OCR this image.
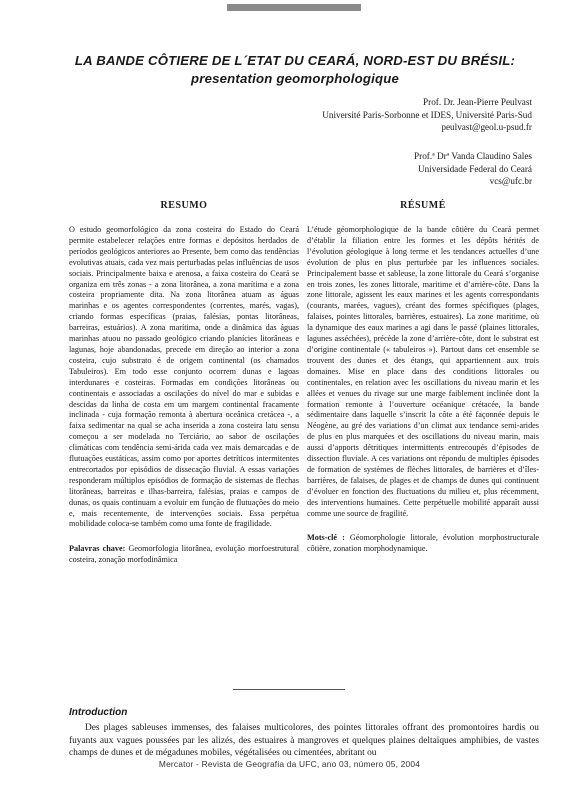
LA BANDE CÔTIERE DE L´ETAT DU CEARÁ, NORD-EST DU BRÉSIL:
presentation geomorphologique
Prof. Dr. Jean-Pierre Peulvast
Université Paris-Sorbonne et IDES, Université Paris-Sud
peulvast@geol.u-psud.fr
Prof.ª Drª Vanda Claudino Sales
Universidade Federal do Ceará
vcs@ufc.br
RESUMO

O estudo geomorfológico da zona costeira do Estado do Ceará permite estabelecer relações entre formas e depósitos herdados de períodos geológicos anteriores ao Presente, bem como das tendências evolutivas atuais, cada vez mais perturbadas pelas influências de usos sociais. Principalmente baixa e arenosa, a faixa costeira do Ceará se organiza em três zonas - a zona litorânea, a zona marítima e a zona costeira propriamente dita. Na zona litorânea atuam as águas marinhas e os agentes correspondentes (correntes, marés, vagas), criando formas específicas (praias, falésias, pontas litorâneas, barreiras, estuários). A zona marítima, onde a dinâmica das águas marinhas atuou no passado geológico criando planícies litorâneas e lagunas, hoje abandonadas, precede em direção ao interior a zona costeira, cujo substrato é de origem continental (os chamados Tabuleiros). Em todo esse conjunto ocorrem dunas e lagoas interdunares e costeiras. Formadas em condições litorâneas ou continentais e associadas a oscilações do nível do mar e subidas e descidas da linha de costa em um margem continental fracamente inclinada - cuja formação remonta à abertura oceânica cretácea -, a faixa sedimentar na qual se acha inserida a zona costeira latu sensu começou a ser modelada no Terciário, ao sabor de oscilações climáticas com tendência semi-árida cada vez mais demarcadas e de flutuações eustáticas, assim como por aportes detríticos intermitentes entrecortados por episódios de dissecação fluvial. A essas variações responderam múltiplos episódios de formação de sistemas de flechas litorâneas, barreiras e ilhas-barreira, falésias, praias e campos de dunas, os quais continuam a evoluir em função de flutuações do meio e, mais recentemente, de intervenções sociais. Essa perpétua mobilidade coloca-se também como uma fonte de fragilidade.

Palavras chave: Geomorfologia litorânea, evolução morfoestrutural costeira, zonação morfodinâmica

RÉSUMÉ

L’étude géomorphologique de la bande côtière du Ceará permet d’établir la filiation entre les formes et les dépôts hérités de l’évolution géologique à long terme et les tendances actuelles d’une évolution de plus en plus perturbée par les influences sociales. Principalement basse et sableuse, la zone littorale du Ceará s’organise en trois zones, les zones littorale, maritime et d’arrière-côte. Dans la zone littorale, agissent les eaux marines et les agents correspondants (courants, marées, vagues), créant des formes spécifiques (plages, falaises, pointes littorales, barrières, estuaires). La zone maritime, où la dynamique des eaux marines a agi dans le passé (plaines littorales, lagunes asséchées), précède la zone d’arrière-côte, dont le substrat est d’origine continentale (« tabuleiros »). Partout dans cet ensemble se trouvent des dunes et des étangs, qui appartiennent aux trois domaines. Mise en place dans des conditions littorales ou continentales, en relation avec les oscillations du niveau marin et les allées et venues du rivage sur une marge faiblement inclinée dont la formation remonte à l’ouverture océanique crétacée, la bande sédimentaire dans laquelle s’inscrit la côte a été façonnée depuis le Néogène, au gré des variations d’un climat aux tendance semi-arides de plus en plus marquées et des oscillations du niveau marin, mais aussi d’apports détritiques intermittents entrecoupés d’épisodes de dissection fluviale. A ces variations ont répondu de multiples épisodes de formation de systèmes de flèches littorales, de barrières et d’îles-barrières, de falaises, de plages et de champs de dunes qui continuent d’évoluer en fonction des fluctuations du milieu et, plus récemment, des interventions humaines. Cette perpétuelle mobilité apparaît aussi comme une source de fragilité.

Mots-clé : Géomorphologie littorale, évolution morphostructurale côtière, zonation morphodynamique.

Introduction

Des plages sableuses immenses, des falaises multicolores, des pointes littorales offrant des promontoires hardis ou fuyants aux vagues poussées par les alizés, des estuaires à mangroves et quelques plaines deltaïques amphibies, de vastes champs de dunes et de mégadunes mobiles, végétalisées ou cimentées, abritant ou

Mercator - Revista de Geografia da UFC, ano 03, número 05, 2004
